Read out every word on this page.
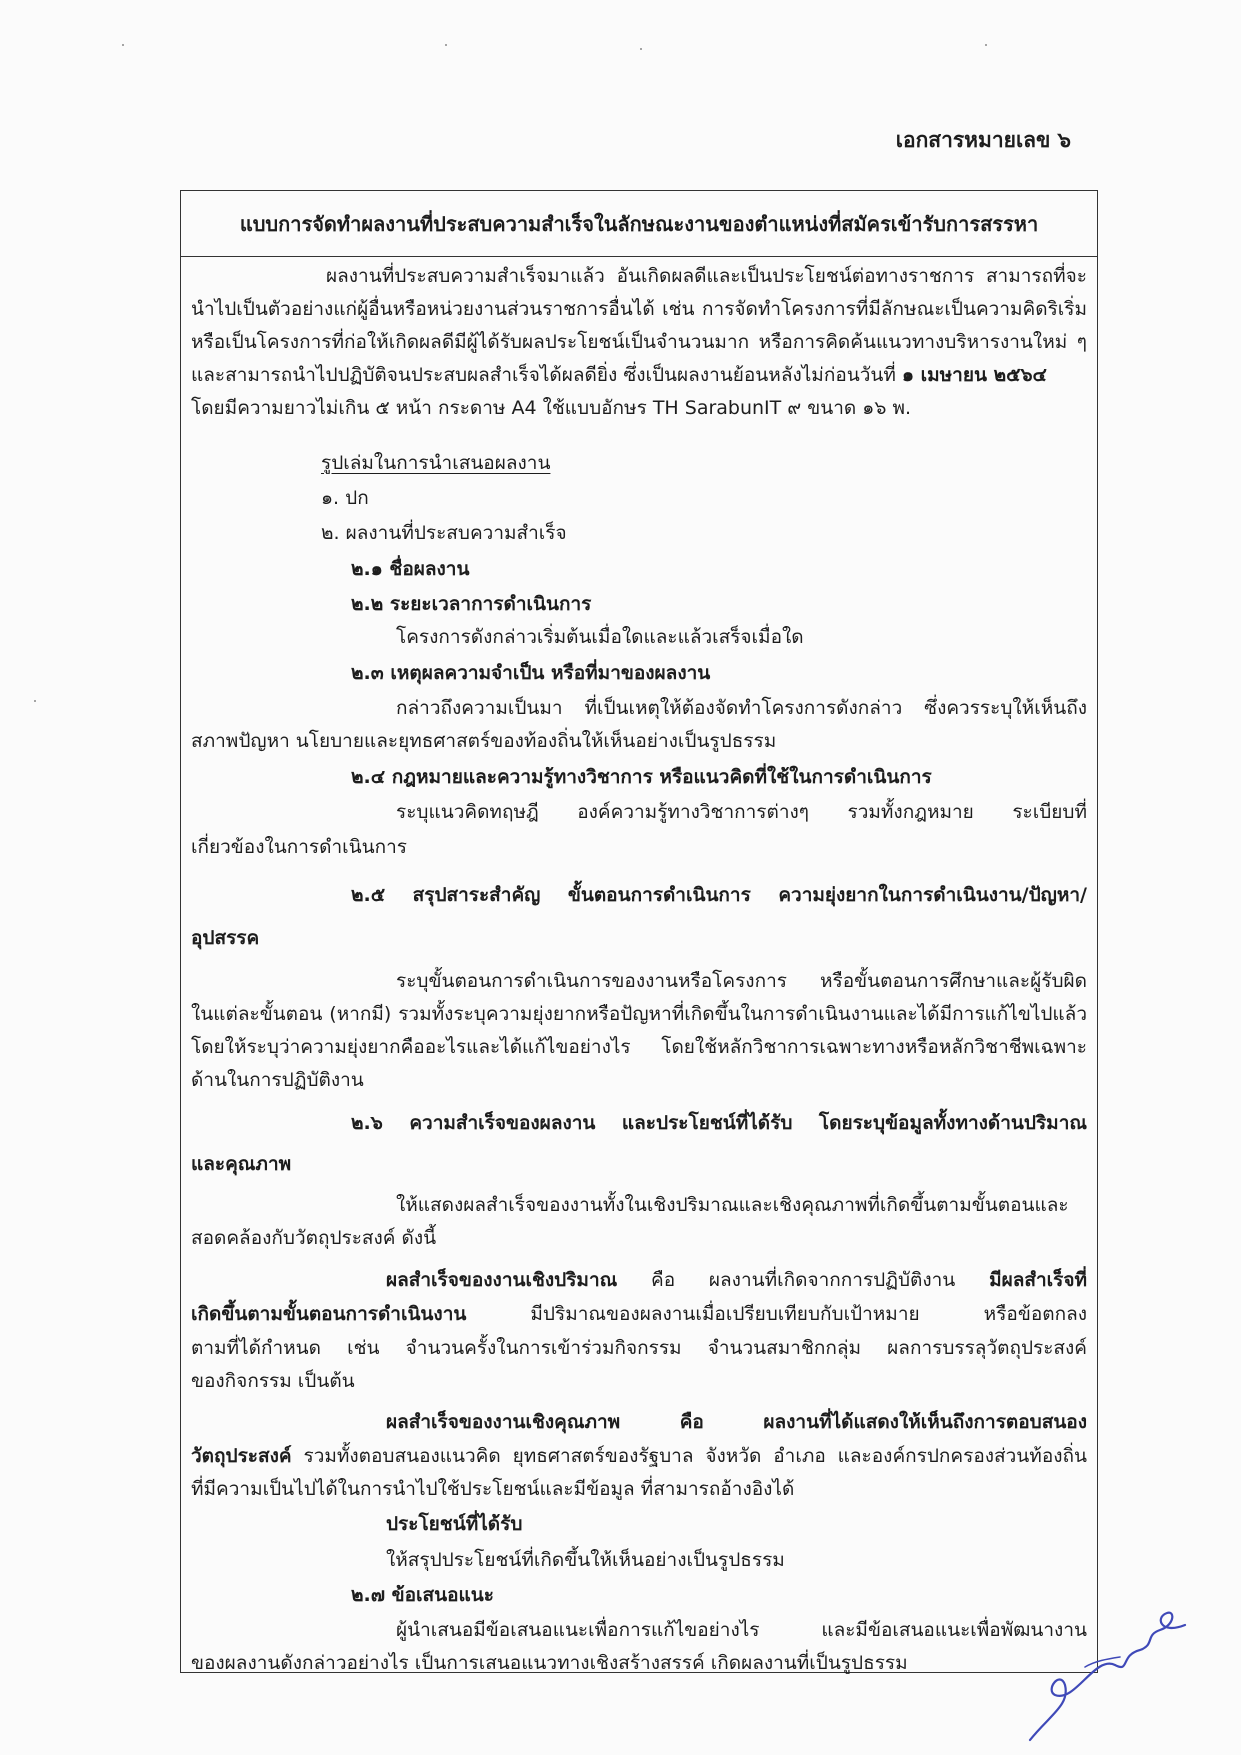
เอกสารหมายเลข ๖
แบบการจัดทำผลงานที่ประสบความสำเร็จในลักษณะงานของตำแหน่งที่สมัครเข้ารับการสรรหา
ผลงานที่ประสบความสำเร็จมาแล้ว อันเกิดผลดีและเป็นประโยชน์ต่อทางราชการ สามารถที่จะ
นำไปเป็นตัวอย่างแก่ผู้อื่นหรือหน่วยงานส่วนราชการอื่นได้ เช่น การจัดทำโครงการที่มีลักษณะเป็นความคิดริเริ่ม
หรือเป็นโครงการที่ก่อให้เกิดผลดีมีผู้ได้รับผลประโยชน์เป็นจำนวนมาก หรือการคิดค้นแนวทางบริหารงานใหม่ ๆ
และสามารถนำไปปฏิบัติจนประสบผลสำเร็จได้ผลดียิ่ง ซึ่งเป็นผลงานย้อนหลังไม่ก่อนวันที่ ๑ เมษายน ๒๕๖๔
โดยมีความยาวไม่เกิน ๕ หน้า กระดาษ A4 ใช้แบบอักษร TH SarabunIT ๙ ขนาด ๑๖ พ.
รูปเล่มในการนำเสนอผลงาน
๑. ปก
๒. ผลงานที่ประสบความสำเร็จ
๒.๑ ชื่อผลงาน
๒.๒ ระยะเวลาการดำเนินการ
โครงการดังกล่าวเริ่มต้นเมื่อใดและแล้วเสร็จเมื่อใด
๒.๓ เหตุผลความจำเป็น หรือที่มาของผลงาน
กล่าวถึงความเป็นมา ที่เป็นเหตุให้ต้องจัดทำโครงการดังกล่าว ซึ่งควรระบุให้เห็นถึง
สภาพปัญหา นโยบายและยุทธศาสตร์ของท้องถิ่นให้เห็นอย่างเป็นรูปธรรม
๒.๔ กฎหมายและความรู้ทางวิชาการ หรือแนวคิดที่ใช้ในการดำเนินการ
ระบุแนวคิดทฤษฎี องค์ความรู้ทางวิชาการต่างๆ รวมทั้งกฎหมาย ระเบียบที่
เกี่ยวข้องในการดำเนินการ
๒.๕ สรุปสาระสำคัญ ขั้นตอนการดำเนินการ ความยุ่งยากในการดำเนินงาน/ปัญหา/
อุปสรรค
ระบุขั้นตอนการดำเนินการของงานหรือโครงการ หรือขั้นตอนการศึกษาและผู้รับผิด
ในแต่ละขั้นตอน (หากมี) รวมทั้งระบุความยุ่งยากหรือปัญหาที่เกิดขึ้นในการดำเนินงานและได้มีการแก้ไขไปแล้ว
โดยให้ระบุว่าความยุ่งยากคืออะไรและได้แก้ไขอย่างไร โดยใช้หลักวิชาการเฉพาะทางหรือหลักวิชาชีพเฉพาะ
ด้านในการปฏิบัติงาน
๒.๖ ความสำเร็จของผลงาน และประโยชน์ที่ได้รับ โดยระบุข้อมูลทั้งทางด้านปริมาณ
และคุณภาพ
ให้แสดงผลสำเร็จของงานทั้งในเชิงปริมาณและเชิงคุณภาพที่เกิดขึ้นตามขั้นตอนและ
สอดคล้องกับวัตถุประสงค์ ดังนี้
ผลสำเร็จของงานเชิงปริมาณ คือ ผลงานที่เกิดจากการปฏิบัติงาน มีผลสำเร็จที่
เกิดขึ้นตามขั้นตอนการดำเนินงาน มีปริมาณของผลงานเมื่อเปรียบเทียบกับเป้าหมาย หรือข้อตกลง
ตามที่ได้กำหนด เช่น จำนวนครั้งในการเข้าร่วมกิจกรรม จำนวนสมาชิกกลุ่ม ผลการบรรลุวัตถุประสงค์
ของกิจกรรม เป็นต้น
ผลสำเร็จของงานเชิงคุณภาพ คือ ผลงานที่ได้แสดงให้เห็นถึงการตอบสนอง
วัตถุประสงค์ รวมทั้งตอบสนองแนวคิด ยุทธศาสตร์ของรัฐบาล จังหวัด อำเภอ และองค์กรปกครองส่วนท้องถิ่น
ที่มีความเป็นไปได้ในการนำไปใช้ประโยชน์และมีข้อมูล ที่สามารถอ้างอิงได้
ประโยชน์ที่ได้รับ
ให้สรุปประโยชน์ที่เกิดขึ้นให้เห็นอย่างเป็นรูปธรรม
๒.๗ ข้อเสนอแนะ
ผู้นำเสนอมีข้อเสนอแนะเพื่อการแก้ไขอย่างไร และมีข้อเสนอแนะเพื่อพัฒนางาน
ของผลงานดังกล่าวอย่างไร เป็นการเสนอแนวทางเชิงสร้างสรรค์ เกิดผลงานที่เป็นรูปธรรม
